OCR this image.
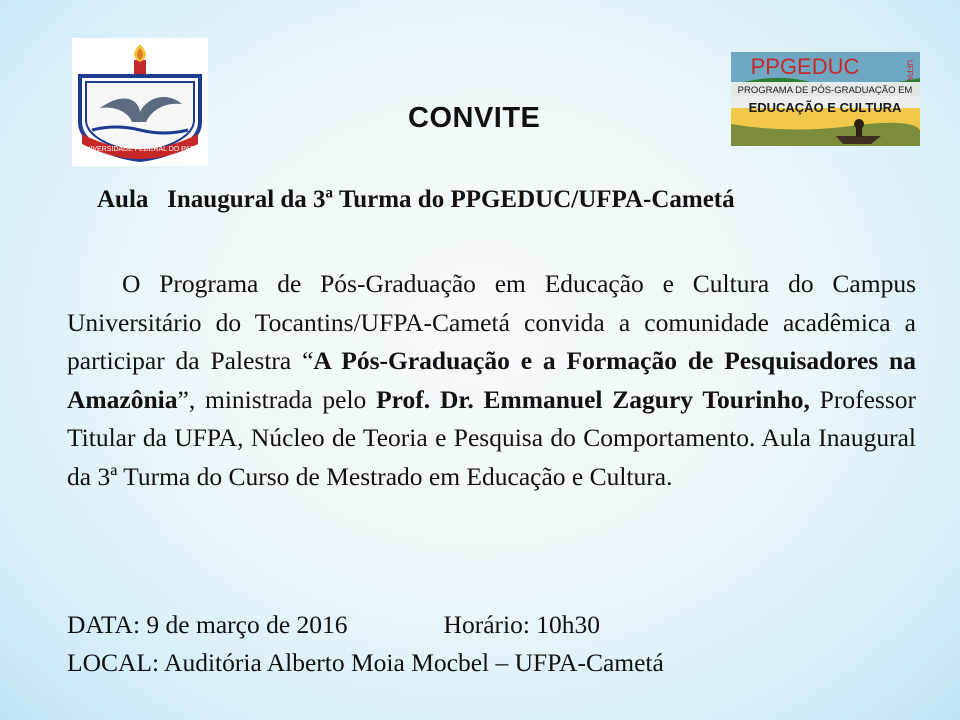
UNIVERSIDADE FEDERAL DO PARÁ
PPGEDUC	UFPA
PROGRAMA DE PÓS-GRADUAÇÃO EM
EDUCAÇÃO E CULTURA
CONVITE
Aula   Inaugural da 3ª Turma do PPGEDUC/UFPA-Cametá
O Programa de Pós-Graduação em Educação e Cultura do Campus Universitário do Tocantins/UFPA-Cametá convida a comunidade acadêmica a participar da Palestra “A Pós-Graduação e a Formação de Pesquisadores na Amazônia”, ministrada pelo Prof. Dr. Emmanuel Zagury Tourinho, Professor Titular da UFPA, Núcleo de Teoria e Pesquisa do Comportamento. Aula Inaugural da 3ª Turma do Curso de Mestrado em Educação e Cultura.
DATA: 9 de março de 2016	Horário: 10h30
LOCAL: Auditória Alberto Moia Mocbel – UFPA-Cametá
